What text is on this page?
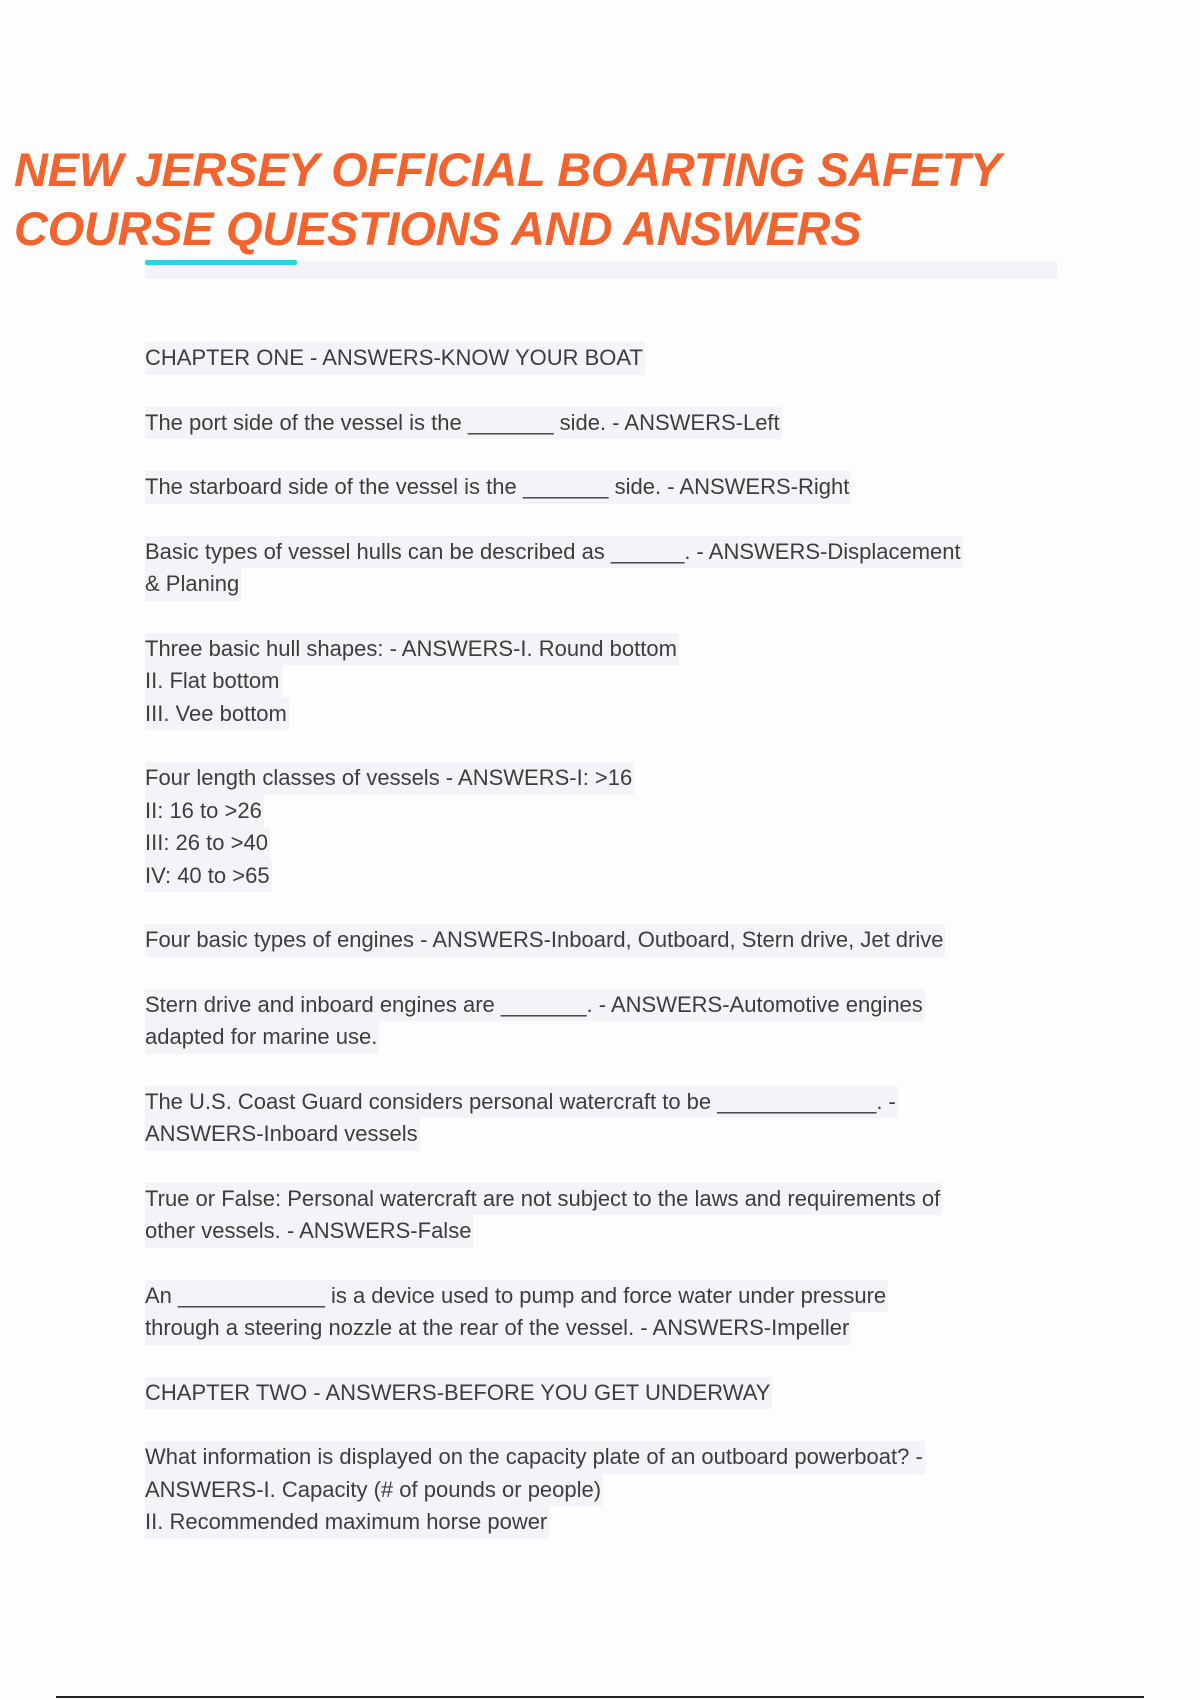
NEW JERSEY OFFICIAL BOARTING SAFETY
COURSE QUESTIONS AND ANSWERS

CHAPTER ONE - ANSWERS-KNOW YOUR BOAT

The port side of the vessel is the _______ side. - ANSWERS-Left

The starboard side of the vessel is the _______ side. - ANSWERS-Right

Basic types of vessel hulls can be described as ______. - ANSWERS-Displacement

& Planing

Three basic hull shapes: - ANSWERS-I. Round bottom

II. Flat bottom

III. Vee bottom

Four length classes of vessels - ANSWERS-I: >16

II: 16 to >26

III: 26 to >40

IV: 40 to >65

Four basic types of engines - ANSWERS-Inboard, Outboard, Stern drive, Jet drive

Stern drive and inboard engines are _______. - ANSWERS-Automotive engines

adapted for marine use.

The U.S. Coast Guard considers personal watercraft to be _____________. -

ANSWERS-Inboard vessels

True or False: Personal watercraft are not subject to the laws and requirements of

other vessels. - ANSWERS-False

An ____________ is a device used to pump and force water under pressure

through a steering nozzle at the rear of the vessel. - ANSWERS-Impeller

CHAPTER TWO - ANSWERS-BEFORE YOU GET UNDERWAY

What information is displayed on the capacity plate of an outboard powerboat? -

ANSWERS-I. Capacity (# of pounds or people)

II. Recommended maximum horse power
